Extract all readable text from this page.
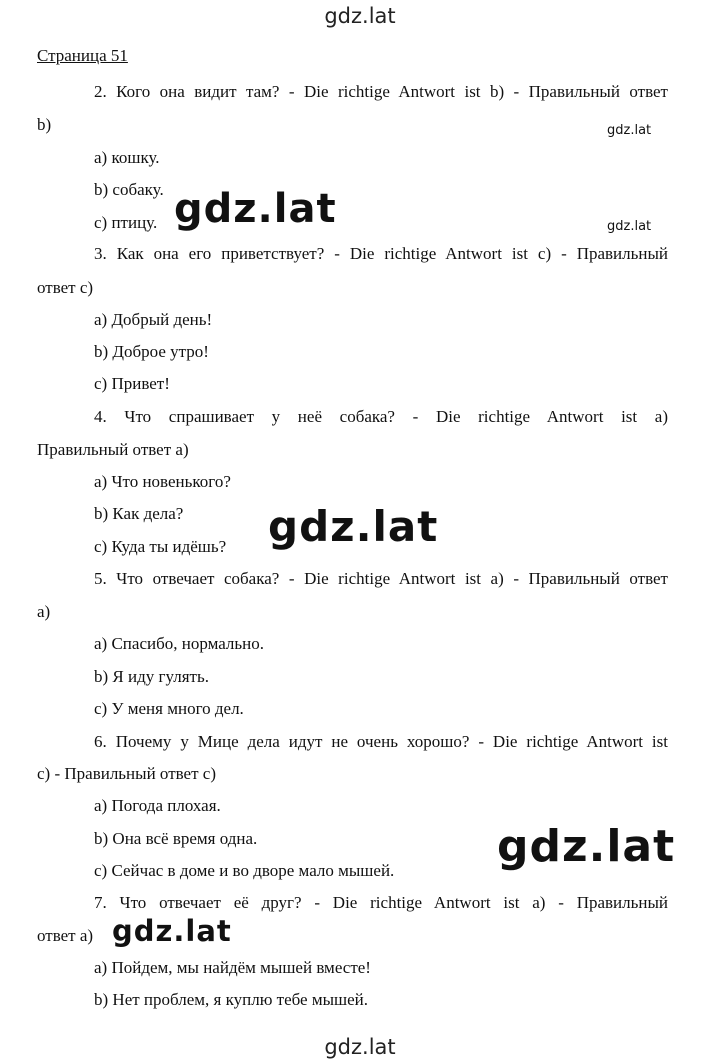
gdz.lat
Страница 51
2. Кого она видит там? - Die richtige Antwort ist b) - Правильный ответ
b)
a) кошку.
b) собаку.
c) птицу.
3. Как она его приветствует? - Die richtige Antwort ist c) - Правильный
ответ c)
a) Добрый день!
b) Доброе утро!
c) Привет!
4. Что спрашивает у неё собака? - Die richtige Antwort ist a)
Правильный ответ a)
a) Что новенького?
b) Как дела?
c) Куда ты идёшь?
5. Что отвечает собака? - Die richtige Antwort ist a) - Правильный ответ
a)
a) Спасибо, нормально.
b) Я иду гулять.
c) У меня много дел.
6. Почему у Мице дела идут не очень хорошо? - Die richtige Antwort ist
c) - Правильный ответ c)
a) Погода плохая.
b) Она всё время одна.
c) Сейчас в доме и во дворе мало мышей.
7. Что отвечает её друг? - Die richtige Antwort ist a) - Правильный
ответ a)
a) Пойдем, мы найдём мышей вместе!
b) Нет проблем, я куплю тебе мышей.
gdz.lat
gdz.lat
gdz.lat
gdz.lat
gdz.lat
gdz.lat
gdz.lat
